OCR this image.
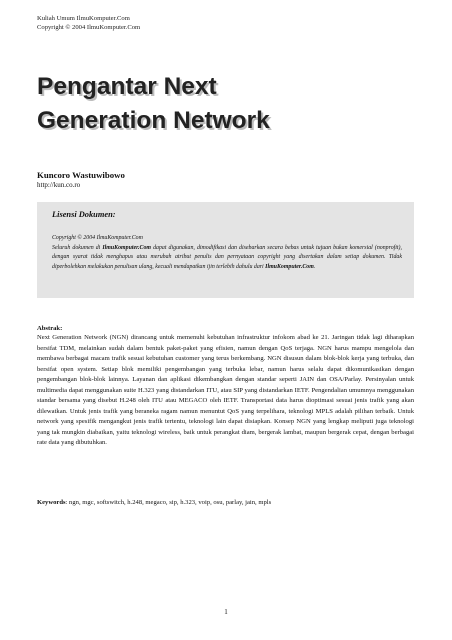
Kuliah Umum IlmuKomputer.Com
Copyright © 2004 IlmuKomputer.Com
Pengantar Next
Generation Network
Kuncoro Wastuwibowo
http://kun.co.ro
Lisensi Dokumen:

Copyright © 2004 IlmuKomputer.Com

Seluruh dokumen di IlmuKomputer.Com dapat digunakan, dimodifikasi dan disebarkan secara bebas untuk tujuan bukan komersial (nonprofit), dengan syarat tidak menghapus atau merubah atribut penulis dan pernyataan copyright yang disertakan dalam setiap dokumen. Tidak diperbolehkan melakukan penulisan ulang, kecuali mendapatkan ijin terlebih dahulu dari IlmuKomputer.Com.

Abstrak:

Next Generation Network (NGN) dirancang untuk memenuhi kebutuhan infrastruktur infokom abad ke 21. Jaringan tidak lagi diharapkan bersifat TDM, melainkan sudah dalam bentuk paket-paket yang efisien, namun dengan QoS terjaga. NGN harus mampu mengelola dan membawa berbagai macam trafik sesuai kebutuhan customer yang terus berkembang. NGN disusun dalam blok-blok kerja yang terbuka, dan bersifat open system. Setiap blok memiliki pengembangan yang terbuka lebar, namun harus selalu dapat dikomunikasikan dengan pengembangan blok-blok lainnya. Layanan dan aplikasi dikembangkan dengan standar seperti JAIN dan OSA/Parlay. Persinyalan untuk multimedia dapat menggunakan suite H.323 yang distandarkan ITU, atau SIP yang distandarkan IETF. Pengendalian umumnya menggunakan standar bersama yang disebut H.248 oleh ITU atau MEGACO oleh IETF. Transportasi data harus dioptimasi sesuai jenis trafik yang akan dilewatkan. Untuk jenis trafik yang beraneka ragam namun menuntut QoS yang terpelihara, teknologi MPLS adalah pilihan terbaik. Untuk network yang spesifik mengangkut jenis trafik tertentu, teknologi lain dapat disiapkan. Konsep NGN yang lengkap meliputi juga teknologi yang tak mungkin diabaikan, yaitu teknologi wireless, baik untuk perangkat diam, bergerak lambat, maupun bergerak cepat, dengan berbagai rate data yang dibutuhkan.

Keywords: ngn, mgc, softswitch, h.248, megaco, sip, h.323, voip, osu, parlay, jain, mpls
1
